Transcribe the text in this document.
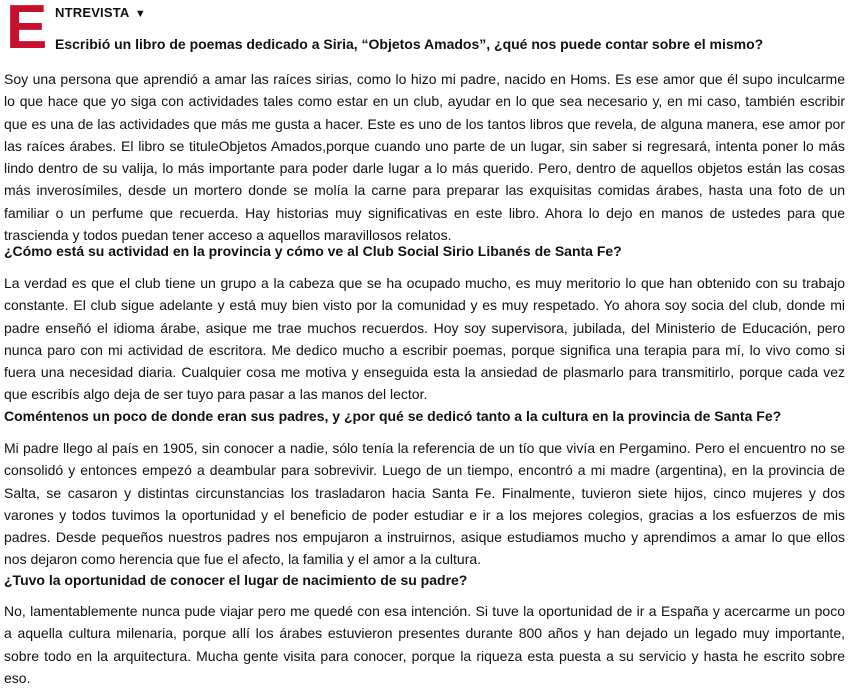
E NTREVISTA ▼

Escribió un libro de poemas dedicado a Siria, “Objetos Amados”, ¿qué nos puede contar sobre el mismo?

Soy una persona que aprendió a amar las raíces sirias, como lo hizo mi padre, nacido en Homs. Es ese amor que él supo inculcarme lo que hace que yo siga con actividades tales como estar en un club, ayudar en lo que sea necesario y, en mi caso, también escribir que es una de las actividades que más me gusta a hacer. Este es uno de los tantos libros que revela, de alguna manera, ese amor por las raíces árabes. El libro se tituleObjetos Amados,porque cuando uno parte de un lugar, sin saber si regresará, intenta poner lo más lindo dentro de su valija, lo más importante para poder darle lugar a lo más querido. Pero, dentro de aquellos objetos están las cosas más inverosímiles, desde un mortero donde se molía la carne para preparar las exquisitas comidas árabes, hasta una foto de un familiar o un perfume que recuerda. Hay historias muy significativas en este libro. Ahora lo dejo en manos de ustedes para que trascienda y todos puedan tener acceso a aquellos maravillosos relatos.

¿Cómo está su actividad en la provincia y cómo ve al Club Social Sirio Libanés de Santa Fe?

La verdad es que el club tiene un grupo a la cabeza que se ha ocupado mucho, es muy meritorio lo que han obtenido con su trabajo constante. El club sigue adelante y está muy bien visto por la comunidad y es muy respetado. Yo ahora soy socia del club, donde mi padre enseñó el idioma árabe, asique me trae muchos recuerdos. Hoy soy supervisora, jubilada, del Ministerio de Educación, pero nunca paro con mi actividad de escritora. Me dedico mucho a escribir poemas, porque significa una terapia para mí, lo vivo como si fuera una necesidad diaria. Cualquier cosa me motiva y enseguida esta la ansiedad de plasmarlo para transmitirlo, porque cada vez que escribís algo deja de ser tuyo para pasar a las manos del lector.

Coméntenos un poco de donde eran sus padres, y ¿por qué se dedicó tanto a la cultura en la provincia de Santa Fe?

Mi padre llego al país en 1905, sin conocer a nadie, sólo tenía la referencia de un tío que vivía en Pergamino. Pero el encuentro no se consolidó y entonces empezó a deambular para sobrevivir. Luego de un tiempo, encontró a mi madre (argentina), en la provincia de Salta, se casaron y distintas circunstancias los trasladaron hacia Santa Fe. Finalmente, tuvieron siete hijos, cinco mujeres y dos varones y todos tuvimos la oportunidad y el beneficio de poder estudiar e ir a los mejores colegios, gracias a los esfuerzos de mis padres. Desde pequeños nuestros padres nos empujaron a instruirnos, asique estudiamos mucho y aprendimos a amar lo que ellos nos dejaron como herencia que fue el afecto, la familia y el amor a la cultura.

¿Tuvo la oportunidad de conocer el lugar de nacimiento de su padre?

No, lamentablemente nunca pude viajar pero me quedé con esa intención. Si tuve la oportunidad de ir a España y acercarme un poco a aquella cultura milenaria, porque allí los árabes estuvieron presentes durante 800 años y han dejado un legado muy importante, sobre todo en la arquitectura. Mucha gente visita para conocer, porque la riqueza esta puesta a su servicio y hasta he escrito sobre eso.
